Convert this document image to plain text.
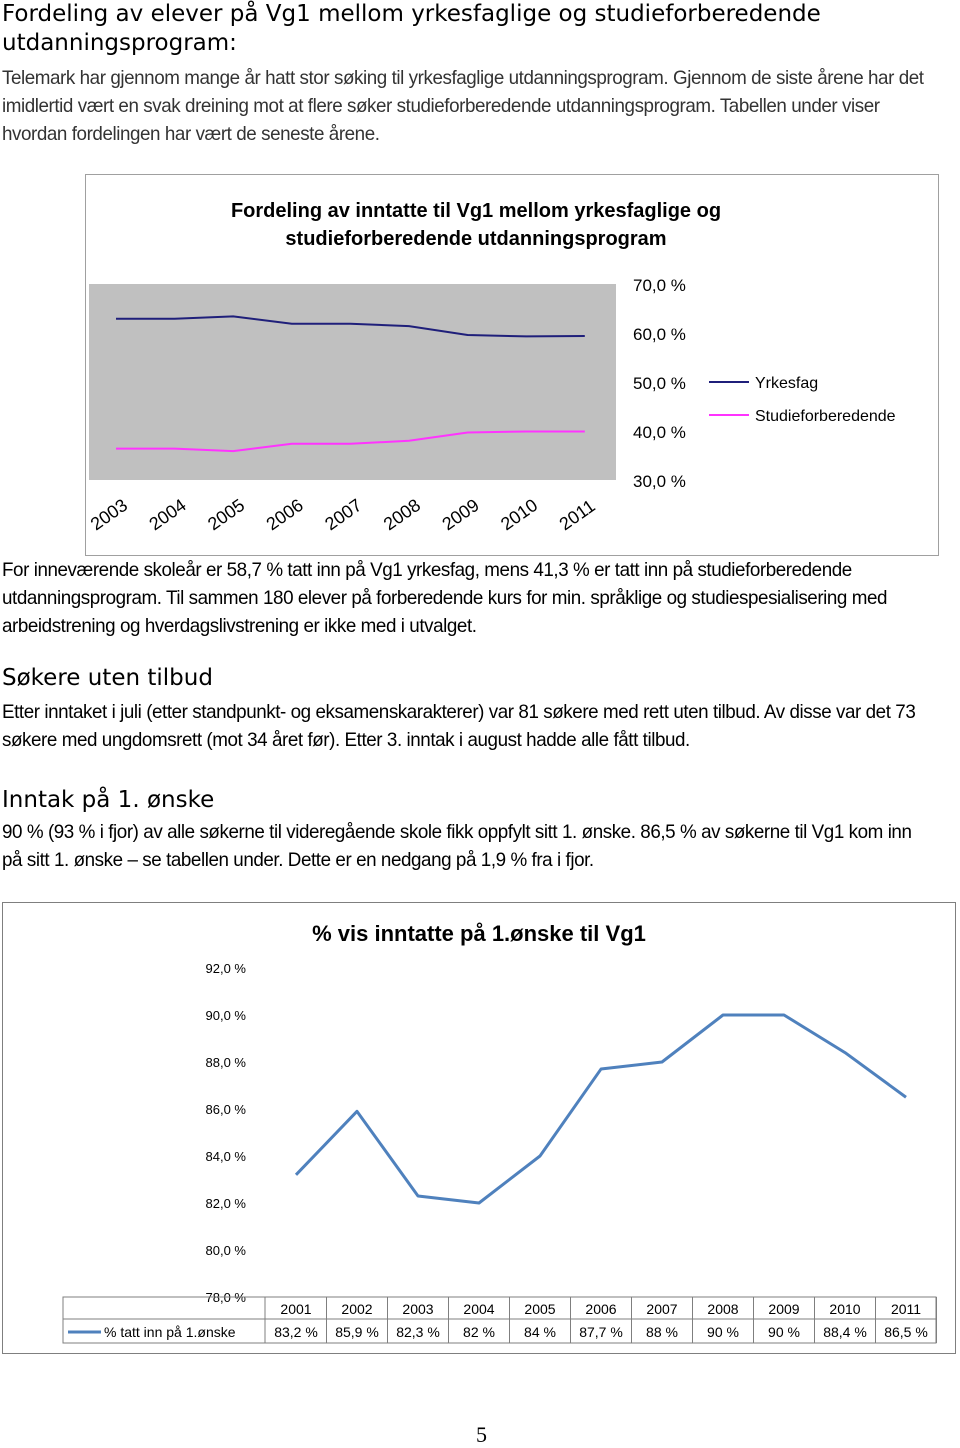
Fordeling av elever på Vg1 mellom yrkesfaglige og studieforberedende utdanningsprogram:
Telemark har gjennom mange år hatt stor søking til yrkesfaglige utdanningsprogram. Gjennom de siste årene har det imidlertid vært en svak dreining mot at flere søker studieforberedende utdanningsprogram. Tabellen under viser hvordan fordelingen har vært de seneste årene.
Fordeling av inntatte til Vg1 mellom yrkesfaglige og
studieforberedende utdanningsprogram
30,0 %
40,0 %
50,0 %
60,0 %
70,0 %
2003 2004 2005 2006 2007 2008 2009 2010 2011
Yrkesfag
Studieforberedende
For inneværende skoleår er 58,7 % tatt inn på Vg1 yrkesfag, mens 41,3 % er tatt inn på studieforberedende utdanningsprogram. Til sammen 180 elever på forberedende kurs for min. språklige og studiespesialisering med arbeidstrening og hverdagslivstrening er ikke med i utvalget.
Søkere uten tilbud
Etter inntaket i juli (etter standpunkt- og eksamenskarakterer) var 81 søkere med rett uten tilbud. Av disse var det 73 søkere med ungdomsrett (mot 34 året før). Etter 3. inntak i august hadde alle fått tilbud.
Inntak på 1. ønske
90 % (93 % i fjor) av alle søkerne til videregående skole fikk oppfylt sitt 1. ønske. 86,5 % av søkerne til Vg1 kom inn på sitt 1. ønske – se tabellen under. Dette er en nedgang på 1,9 % fra i fjor.
% vis inntatte på 1.ønske til Vg1
78,0 %
80,0 %
82,0 %
84,0 %
86,0 %
88,0 %
90,0 %
92,0 %
2001
83,2 %
2002
85,9 %
2003
82,3 %
2004
82 %
2005
84 %
2006
87,7 %
2007
88 %
2008
90 %
2009
90 %
2010
88,4 %
2011
86,5 %
% tatt inn på 1.ønske
5
